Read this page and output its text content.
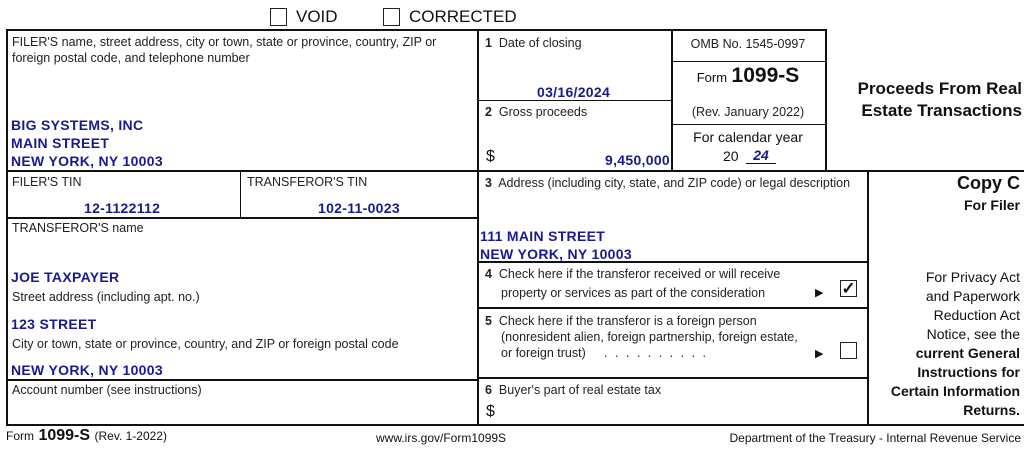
VOID	CORRECTED
FILER'S name, street address, city or town, state or province, country, ZIP or foreign postal code, and telephone number
BIG SYSTEMS, INC
MAIN STREET
NEW YORK, NY 10003
1 Date of closing
03/16/2024
2 Gross proceeds
$	9,450,000
OMB No. 1545-0997
Form 1099-S
(Rev. January 2022)
For calendar year
20	24
Proceeds From Real
Estate Transactions
FILER'S TIN
12-1122112
TRANSFEROR'S TIN
102-11-0023
TRANSFEROR'S name
JOE TAXPAYER
Street address (including apt. no.)
123 STREET
City or town, state or province, country, and ZIP or foreign postal code
NEW YORK, NY 10003
Account number (see instructions)
3 Address (including city, state, and ZIP code) or legal description
111 MAIN STREET
NEW YORK, NY 10003
4 Check here if the transferor received or will receive
property or services as part of the consideration	▶ ✓
5 Check here if the transferor is a foreign person
(nonresident alien, foreign partnership, foreign estate,
or foreign trust) . . . . . . . . . .	▶
6 Buyer's part of real estate tax
$
Copy C
For Filer
For Privacy Act
and Paperwork
Reduction Act
Notice, see the
current General
Instructions for
Certain Information
Returns.
Form 1099-S (Rev. 1-2022)	www.irs.gov/Form1099S	Department of the Treasury - Internal Revenue Service
